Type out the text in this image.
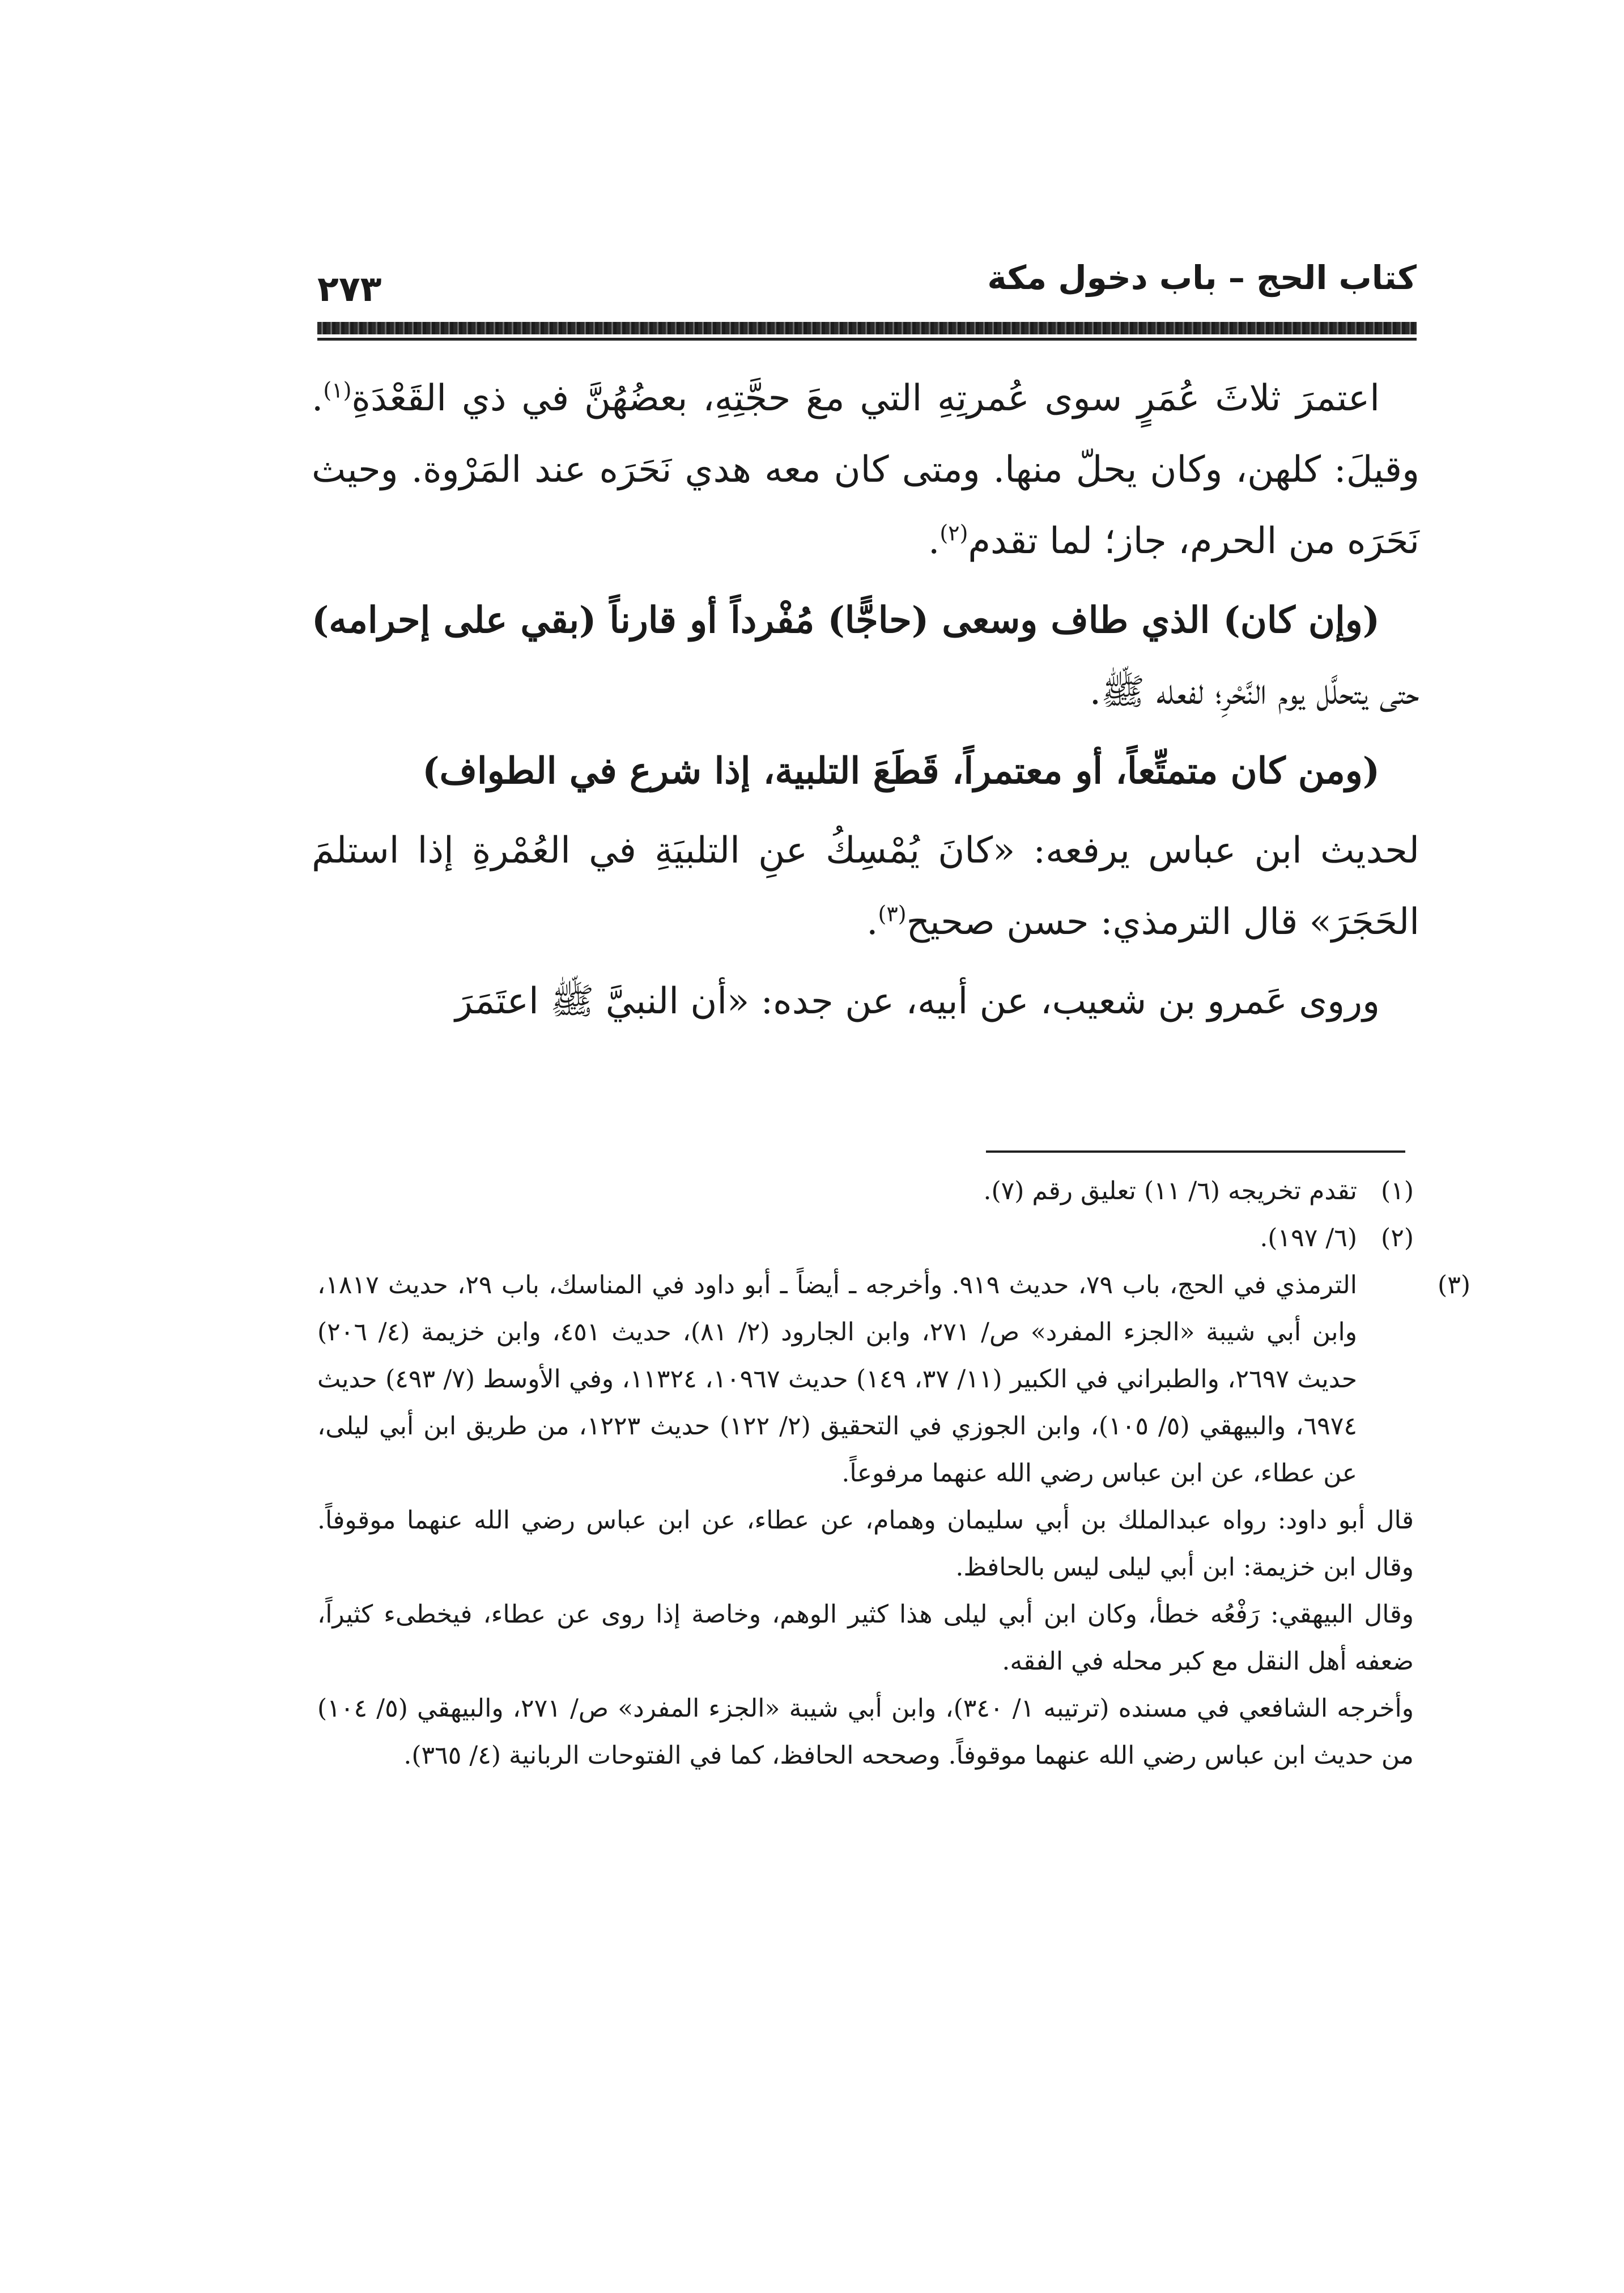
كتاب الحج – باب دخول مكة
٢٧٣

اعتمرَ ثلاثَ عُمَرٍ سوى عُمرتِهِ التي معَ حجَّتِهِ، بعضُهُنَّ في ذي القَعْدَةِ$^{(١)}$. وقيلَ: كلهن، وكان يحلّ منها. ومتى كان معه هدي نَحَرَه عند المَرْوة. وحيث نَحَرَه من الحرم، جاز؛ لما تقدم$^{(٢)}$.

(وإن كان) الذي طاف وسعى (حاجًّا) مُفْرداً أو قارناً (بقي على إحرامه) حتى يتحلَّل يوم النَّحْرِ؛ لفعله ﷺ.

(ومن كان متمتِّعاً، أو معتمراً، قَطَعَ التلبية، إذا شرع في الطواف)

لحديث ابن عباس يرفعه: «كانَ يُمْسِكُ عنِ التلبيَةِ في العُمْرةِ إذا استلمَ الحَجَرَ» قال الترمذي: حسن صحيح$^{(٣)}$.

وروى عَمرو بن شعيب، عن أبيه، عن جده: «أن النبيَّ ﷺ اعتَمَرَ

(١)تقدم تخريجه (٦/ ١١) تعليق رقم (٧).

(٢)(٦/ ١٩٧).

(٣)الترمذي في الحج، باب ٧٩، حديث ٩١٩. وأخرجه ـ أيضاً ـ أبو داود في المناسك، باب ٢٩، حديث ١٨١٧، وابن أبي شيبة «الجزء المفرد» ص/ ٢٧١، وابن الجارود (٢/ ٨١)، حديث ٤٥١، وابن خزيمة (٤/ ٢٠٦) حديث ٢٦٩٧، والطبراني في الكبير (١١/ ٣٧، ١٤٩) حديث ١٠٩٦٧، ١١٣٢٤، وفي الأوسط (٧/ ٤٩٣) حديث ٦٩٧٤، والبيهقي (٥/ ١٠٥)، وابن الجوزي في التحقيق (٢/ ١٢٢) حديث ١٢٢٣، من طريق ابن أبي ليلى، عن عطاء، عن ابن عباس رضي الله عنهما مرفوعاً.

قال أبو داود: رواه عبدالملك بن أبي سليمان وهمام، عن عطاء، عن ابن عباس رضي الله عنهما موقوفاً. وقال ابن خزيمة: ابن أبي ليلى ليس بالحافظ.

وقال البيهقي: رَفْعُه خطأ، وكان ابن أبي ليلى هذا كثير الوهم، وخاصة إذا روى عن عطاء، فيخطىء كثيراً، ضعفه أهل النقل مع كبر محله في الفقه.

وأخرجه الشافعي في مسنده (ترتيبه ١/ ٣٤٠)، وابن أبي شيبة «الجزء المفرد» ص/ ٢٧١، والبيهقي (٥/ ١٠٤) من حديث ابن عباس رضي الله عنهما موقوفاً. وصححه الحافظ، كما في الفتوحات الربانية (٤/ ٣٦٥).
